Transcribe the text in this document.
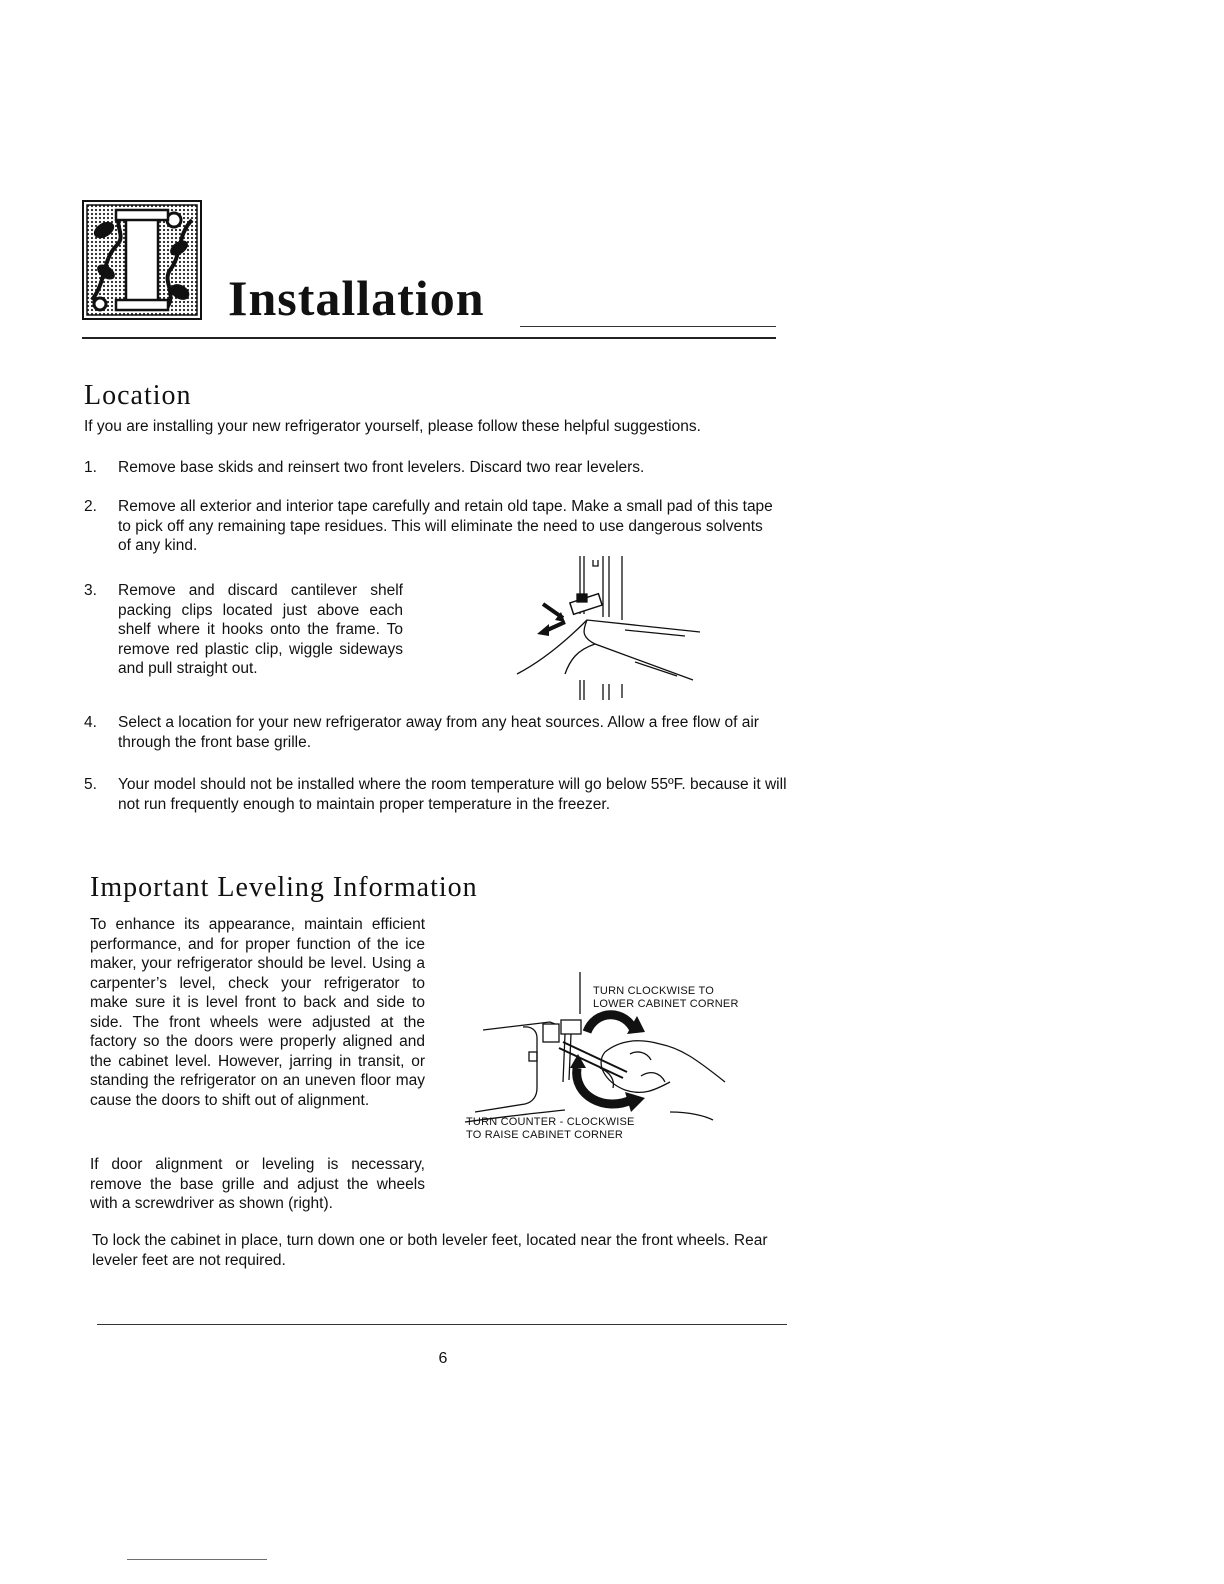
Installation
Location

If you are installing your new refrigerator yourself, please follow these helpful suggestions.

1.	Remove base skids and reinsert two front levelers. Discard two rear levelers.
2.	Remove all exterior and interior tape carefully and retain old tape. Make a small pad of this tape to pick off any remaining tape residues. This will eliminate the need to use dangerous solvents of any kind.
3.	Remove and discard cantilever shelf packing clips located just above each shelf where it hooks onto the frame. To remove red plastic clip, wiggle sideways and pull straight out.
4.	Select a location for your new refrigerator away from any heat sources. Allow a free flow of air through the front base grille.
5.	Your model should not be installed where the room temperature will go below 55ºF. because it will not run frequently enough to maintain proper temperature in the freezer.
Important Leveling Information

To enhance its appearance, maintain efficient performance, and for proper function of the ice maker, your refrigerator should be level. Using a carpenter’s level, check your refrigerator to make sure it is level front to back and side to side. The front wheels were adjusted at the factory so the doors were properly aligned and the cabinet level. However, jarring in transit, or standing the refrigerator on an uneven floor may cause the doors to shift out of alignment.

If door alignment or leveling is necessary, remove the base grille and adjust the wheels with a screwdriver as shown (right).

To lock the cabinet in place, turn down one or both leveler feet, located near the front wheels. Rear leveler feet are not required.

TURN CLOCKWISE TO
LOWER CABINET CORNER
TURN COUNTER - CLOCKWISE
TO RAISE CABINET CORNER
6
